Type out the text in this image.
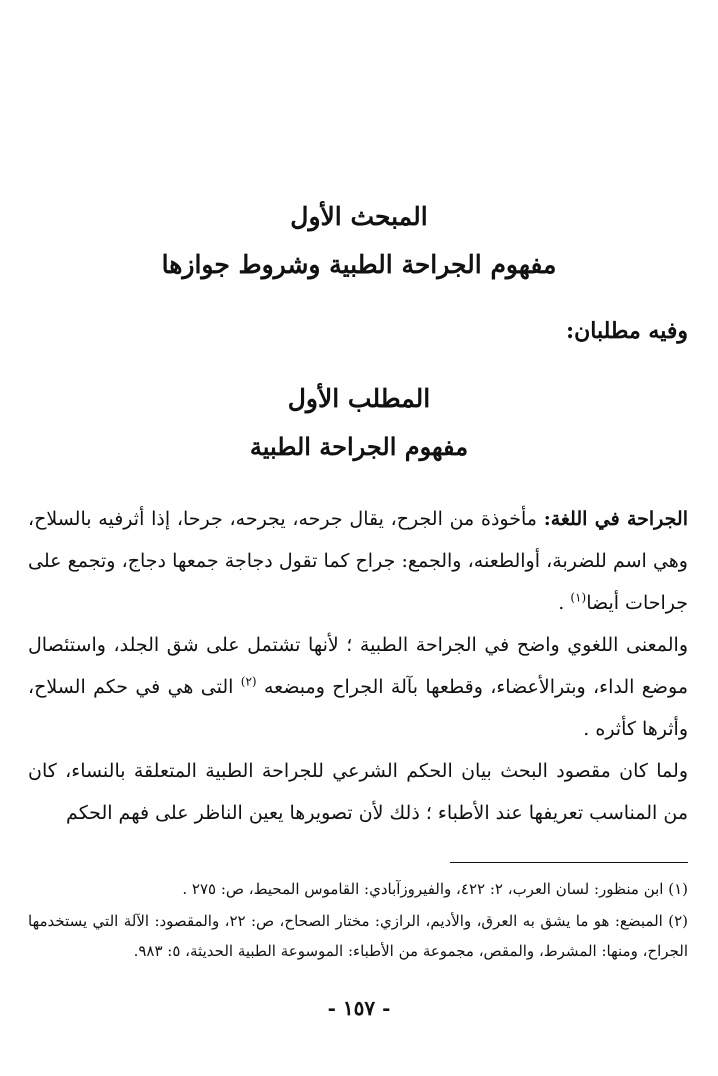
المبحث الأول
مفهوم الجراحة الطبية وشروط جوازها
وفيه مطلبان:
المطلب الأول
مفهوم الجراحة الطبية
الجراحة في اللغة: مأخوذة من الجرح، يقال جرحه، يجرحه، جرحا، إذا أثرفيه بالسلاح، وهي اسم للضربة، أوالطعنه، والجمع: جراح كما تقول دجاجة جمعها دجاج، وتجمع على جراحات أيضا$^{(١)}$ .
والمعنى اللغوي واضح في الجراحة الطبية ؛ لأنها تشتمل على شق الجلد، واستئصال موضع الداء، وبترالأعضاء، وقطعها بآلة الجراح ومبضعه $^{(٢)}$ التى هي في حكم السلاح، وأثرها كأثره .
ولما كان مقصود البحث بيان الحكم الشرعي للجراحة الطبية المتعلقة بالنساء، كان من المناسب تعريفها عند الأطباء ؛ ذلك لأن تصويرها يعين الناظر على فهم الحكم
(١) ابن منظور: لسان العرب، ٢: ٤٢٢، والفيروزآبادي: القاموس المحيط، ص: ٢٧٥ .
(٢) المبضع: هو ما يشق به العرق، والأديم، الرازي: مختار الصحاح، ص: ٢٢، والمقصود: الآلة التي يستخدمها الجراح، ومنها: المشرط، والمقص، مجموعة من الأطباء: الموسوعة الطبية الحديثة، ٥: ٩٨٣.
- ١٥٧ -
